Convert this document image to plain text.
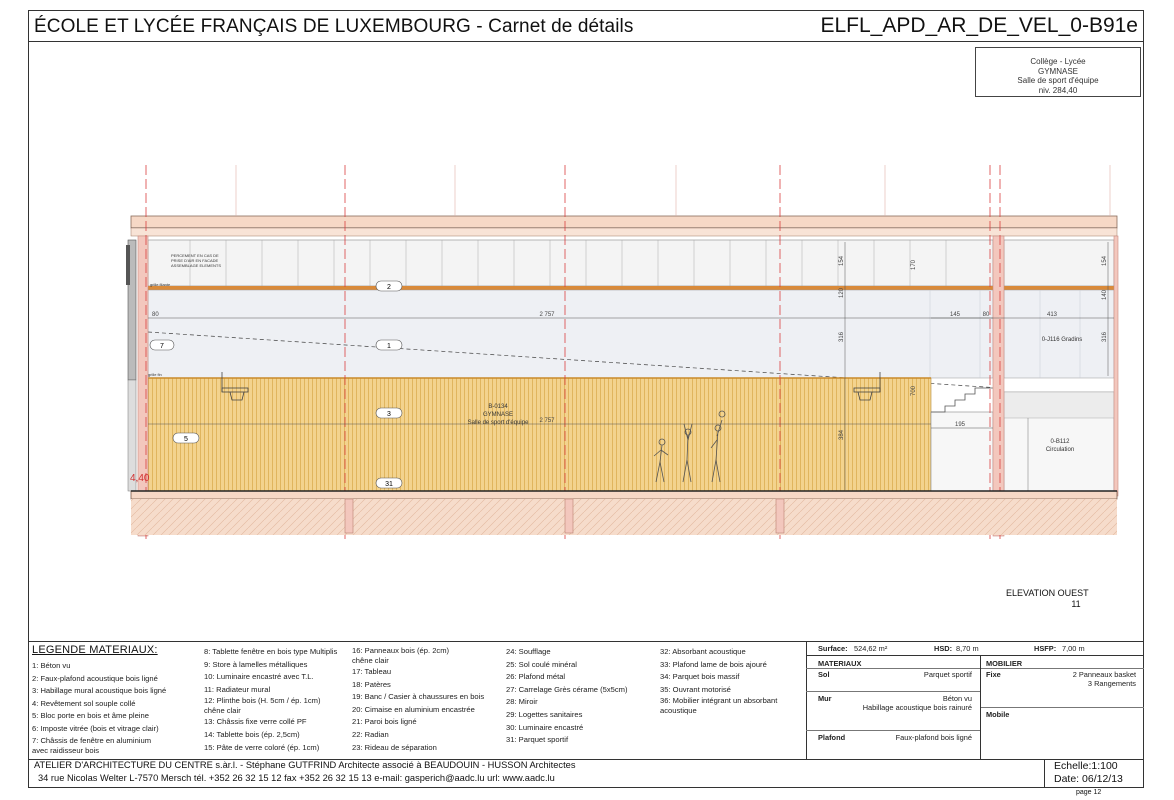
ÉCOLE ET LYCÉE FRANÇAIS DE LUXEMBOURG - Carnet de détails	ELFL_APD_AR_DE_VEL_0-B91e
Collège - Lycée
GYMNASE
Salle de sport d'équipe
niv. 284,40
2
1
3
5
7
31
2 757
2 757
80	145	80	413
195
154	170	154
120
316	316
384
700
140
B-0134
GYMNASE
Salle de sport d'équipe
0-J116 Gradins
0-B112
Circulation
PERCEMENT EN CAS DE
PRISE D'AIR EN FACADE
ASSEMBLAGE ELEMENTS
grille filante
grille fin
4,40
ELEVATION OUEST
11
LEGENDE MATERIAUX:
1: Béton vu
2: Faux-plafond acoustique bois ligné
3: Habillage mural acoustique bois ligné
4: Revêtement sol souple collé
5: Bloc porte en bois et âme pleine
6: Imposte vitrée (bois et vitrage clair)
7: Châssis de fenêtre en aluminium
avec raidisseur bois
8: Tablette fenêtre en bois type Multiplis
9: Store à lamelles métalliques
10: Luminaire encastré avec T.L.
11: Radiateur mural
12: Plinthe bois (H. 5cm / ép. 1cm)
chêne clair
13: Châssis fixe verre collé PF
14: Tablette bois (ép. 2,5cm)
15: Pâte de verre coloré (ép. 1cm)
16: Panneaux bois (ép. 2cm)
chêne clair
17: Tableau
18: Patères
19: Banc / Casier à chaussures en bois
20: Cimaise en aluminium encastrée
21: Paroi bois ligné
22: Radian
23: Rideau de séparation
24: Soufflage
25: Sol coulé minéral
26: Plafond métal
27: Carrelage Grès cérame (5x5cm)
28: Miroir
29: Logettes sanitaires
30: Luminaire encastré
31: Parquet sportif
32: Absorbant acoustique
33: Plafond lame de bois ajouré
34: Parquet bois massif
35: Ouvrant motorisé
36: Mobilier intégrant un absorbant
acoustique
Surface: 524,62 m²	HSD: 8,70 m	HSFP: 7,00 m
MATERIAUX	MOBILIER
Sol	Parquet sportif
Mur	Béton vu
Habillage acoustique bois rainuré
Plafond	Faux-plafond bois ligné
Fixe	2 Panneaux basket
3 Rangements
Mobile
ATELIER D'ARCHITECTURE DU CENTRE s.àr.l. - Stéphane GUTFRIND Architecte associé à BEAUDOUIN - HUSSON Architectes
34 rue Nicolas Welter L-7570 Mersch tél. +352 26 32 15 12 fax +352 26 32 15 13 e-mail: gasperich@aadc.lu url: www.aadc.lu
Echelle:1:100
Date: 06/12/13
page 12
